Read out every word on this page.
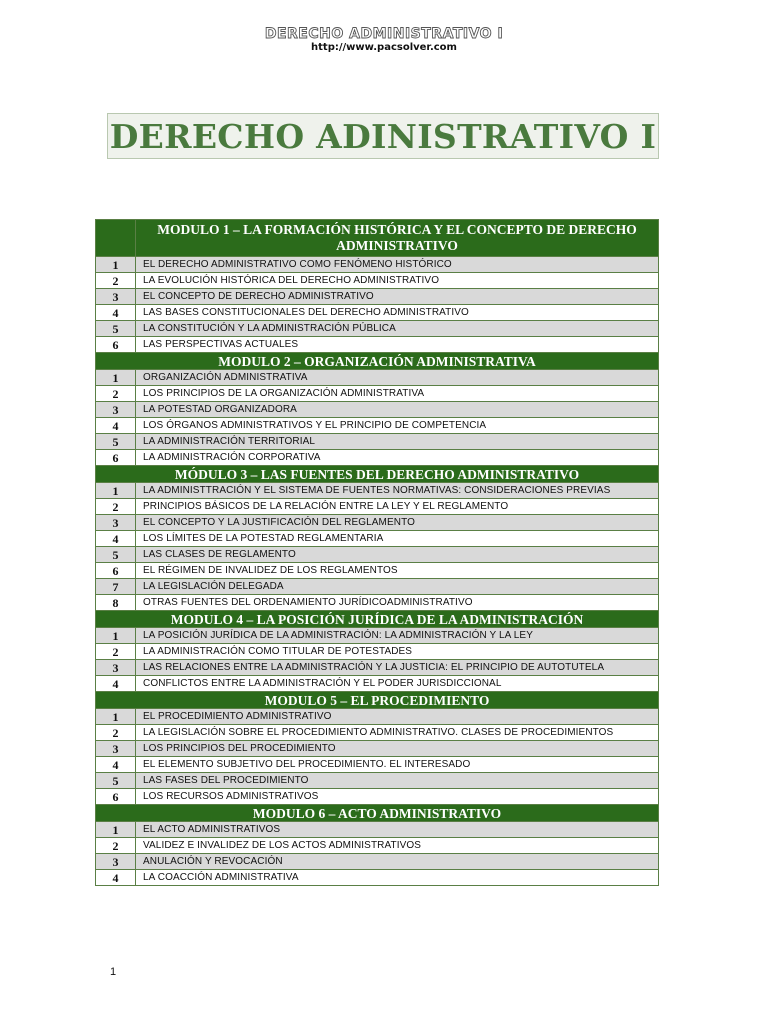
DERECHO ADMINISTRATIVO I
http://www.pacsolver.com
DERECHO ADINISTRATIVO I
	MODULO 1 – LA FORMACIÓN HISTÓRICA Y EL CONCEPTO DE DERECHO ADMINISTRATIVO
1	EL DERECHO ADMINISTRATIVO COMO FENÓMENO HISTÓRICO
2	LA EVOLUCIÓN HISTÓRICA DEL DERECHO ADMINISTRATIVO
3	EL CONCEPTO DE DERECHO ADMINISTRATIVO
4	LAS BASES CONSTITUCIONALES DEL DERECHO ADMINISTRATIVO
5	LA CONSTITUCIÓN Y LA ADMINISTRACIÓN PÚBLICA
6	LAS PERSPECTIVAS ACTUALES
MODULO 2 – ORGANIZACIÓN ADMINISTRATIVA	
1	ORGANIZACIÓN ADMINISTRATIVA
2	LOS PRINCIPIOS DE LA ORGANIZACIÓN ADMINISTRATIVA
3	LA POTESTAD ORGANIZADORA
4	LOS ÓRGANOS ADMINISTRATIVOS Y EL PRINCIPIO DE COMPETENCIA
5	LA ADMINISTRACIÓN TERRITORIAL
6	LA ADMINISTRACIÓN CORPORATIVA
MÓDULO 3 – LAS FUENTES DEL DERECHO ADMINISTRATIVO	
1	LA ADMINISTTRACIÓN Y EL SISTEMA DE FUENTES NORMATIVAS: CONSIDERACIONES PREVIAS
2	PRINCIPIOS BÁSICOS DE LA RELACIÓN ENTRE LA LEY Y EL REGLAMENTO
3	EL CONCEPTO Y LA JUSTIFICACIÓN DEL REGLAMENTO
4	LOS LÍMITES DE LA POTESTAD REGLAMENTARIA
5	LAS CLASES DE REGLAMENTO
6	EL RÉGIMEN DE INVALIDEZ DE LOS REGLAMENTOS
7	LA LEGISLACIÓN DELEGADA
8	OTRAS FUENTES DEL ORDENAMIENTO JURÍDICOADMINISTRATIVO
MODULO 4 – LA POSICIÓN JURÍDICA DE LA ADMINISTRACIÓN	
1	LA POSICIÓN JURÍDICA DE LA ADMINISTRACIÓN: LA ADMINISTRACIÓN Y LA LEY
2	LA ADMINISTRACIÓN COMO TITULAR DE POTESTADES
3	LAS RELACIONES ENTRE LA ADMINISTRACIÓN Y LA JUSTICIA: EL PRINCIPIO DE AUTOTUTELA
4	CONFLICTOS ENTRE LA ADMINISTRACIÓN Y EL PODER JURISDICCIONAL
MODULO 5 – EL PROCEDIMIENTO	
1	EL PROCEDIMIENTO ADMINISTRATIVO
2	LA LEGISLACIÓN SOBRE EL PROCEDIMIENTO ADMINISTRATIVO. CLASES DE PROCEDIMIENTOS
3	LOS PRINCIPIOS DEL PROCEDIMIENTO
4	EL ELEMENTO SUBJETIVO DEL PROCEDIMIENTO. EL INTERESADO
5	LAS FASES DEL PROCEDIMIENTO
6	LOS RECURSOS ADMINISTRATIVOS
MODULO 6 – ACTO ADMINISTRATIVO	
1	EL ACTO ADMINISTRATIVOS
2	VALIDEZ E INVALIDEZ DE LOS ACTOS ADMINISTRATIVOS
3	ANULACIÓN Y REVOCACIÓN
4	LA COACCIÓN ADMINISTRATIVA
1
